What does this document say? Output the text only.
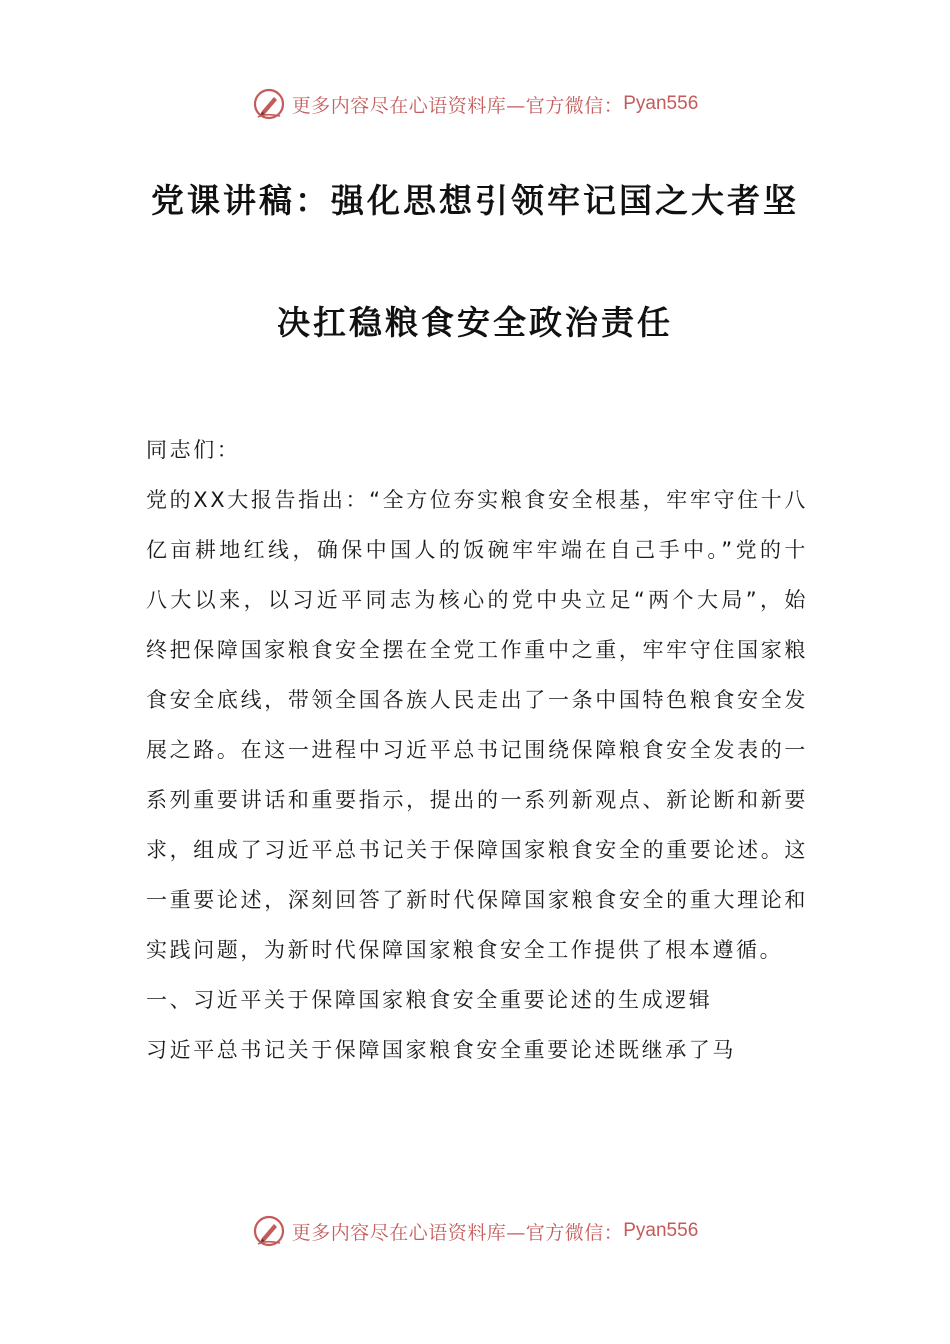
更多内容尽在心语资料库—官方微信： Pyan556
党课讲稿：强化思想引领牢记国之大者坚
决扛稳粮食安全政治责任

同志们：

党的XX大报告指出：“全方位夯实粮食安全根基，牢牢守住十八亿亩耕地红线，确保中国人的饭碗牢牢端在自己手中。”党的十八大以来，以习近平同志为核心的党中央立足“两个大局”，始终把保障国家粮食安全摆在全党工作重中之重，牢牢守住国家粮食安全底线，带领全国各族人民走出了一条中国特色粮食安全发展之路。在这一进程中习近平总书记围绕保障粮食安全发表的一系列重要讲话和重要指示，提出的一系列新观点、新论断和新要求，组成了习近平总书记关于保障国家粮食安全的重要论述。这一重要论述，深刻回答了新时代保障国家粮食安全的重大理论和实践问题，为新时代保障国家粮食安全工作提供了根本遵循。

一、习近平关于保障国家粮食安全重要论述的生成逻辑

习近平总书记关于保障国家粮食安全重要论述既继承了马

更多内容尽在心语资料库—官方微信： Pyan556
